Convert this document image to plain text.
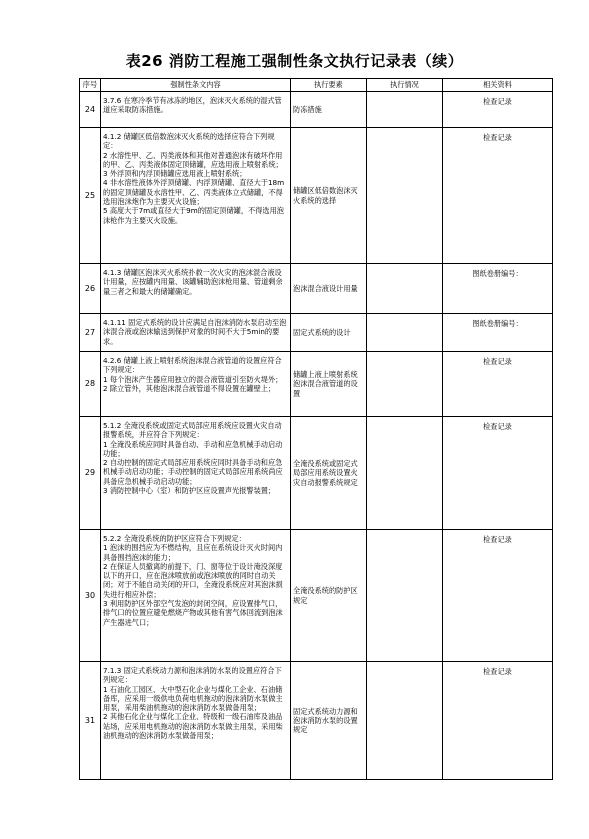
表26 消防工程施工强制性条文执行记录表（续）
序号	强制性条文内容	执行要素	执行情况	相关资料
24	3.7.6 在寒冷季节有冰冻的地区，泡沫灭火系统的湿式管道应采取防冻措施。	防冻措施		检查记录
25	4.1.2 储罐区低倍数泡沫灭火系统的选择应符合下列规定：
2 水溶性甲、乙、丙类液体和其他对普通泡沫有破坏作用的甲、乙、丙类液体固定顶储罐，应选用液上喷射系统；
3 外浮顶和内浮顶储罐应选用液上喷射系统；
4 非水溶性液体外浮顶储罐、内浮顶储罐、直径大于18m的固定顶储罐及水溶性甲、乙、丙类液体立式储罐，不得选用泡沫炮作为主要灭火设施；
5 高度大于7m或直径大于9m的固定顶储罐，不得选用泡沫枪作为主要灭火设施。	储罐区低倍数泡沫灭火系统的选择		检查记录
26	4.1.3 储罐区泡沫灭火系统扑救一次火灾的泡沫混合液设计用量，应按罐内用量、该罐辅助泡沫枪用量、管道剩余量三者之和最大的储罐确定。	泡沫混合液设计用量		图纸卷册编号：
27	4.1.11 固定式系统的设计应满足自泡沫消防水泵启动至泡沫混合液或泡沫输送到保护对象的时间不大于5min的要求。	固定式系统的设计		图纸卷册编号：
28	4.2.6 储罐上液上喷射系统泡沫混合液管道的设置应符合下列规定：
1 每个泡沫产生器应用独立的混合液管道引至防火堤外；
2 除立管外，其他泡沫混合液管道不得设置在罐壁上；	储罐上液上喷射系统泡沫混合液管道的设置		检查记录
29	5.1.2 全淹没系统或固定式局部应用系统应设置火灾自动报警系统，并应符合下列规定：
1 全淹没系统应同时具备自动、手动和应急机械手动启动功能；
2 自动控制的固定式局部应用系统应同时具备手动和应急机械手动启动功能；手动控制的固定式局部应用系统尚应具备应急机械手动启动功能；
3 消防控制中心（室）和防护区应设置声光报警装置；	全淹没系统或固定式局部应用系统设置火灾自动报警系统规定		检查记录
30	5.2.2 全淹没系统的防护区应符合下列规定：
1 泡沫的围挡应为不燃结构，且应在系统设计灭火时间内具备围挡泡沫的能力；
2 在保证人员撤离的前提下，门、窗等位于设计淹没深度以下的开口，应在泡沫喷放前或泡沫喷放的同时自动关闭；对于不能自动关闭的开口，全淹没系统应对其泡沫损失进行相应补偿；
3 利用防护区外部空气发泡的封闭空间，应设置排气口，排气口的位置应避免燃烧产物或其他有害气体回流到泡沫产生器进气口；	全淹没系统的防护区规定		检查记录
31	7.1.3 固定式系统动力源和泡沫消防水泵的设置应符合下列规定：
1 石油化工园区、大中型石化企业与煤化工企业、石油储备库，应采用一级供电负荷电机拖动的泡沫消防水泵做主用泵，采用柴油机拖动的泡沫消防水泵做备用泵；
2 其他石化企业与煤化工企业、特级和一级石油库及油品站场，应采用电机拖动的泡沫消防水泵做主用泵，采用柴油机拖动的泡沫消防水泵做备用泵；	固定式系统动力源和泡沫消防水泵的设置规定		检查记录
